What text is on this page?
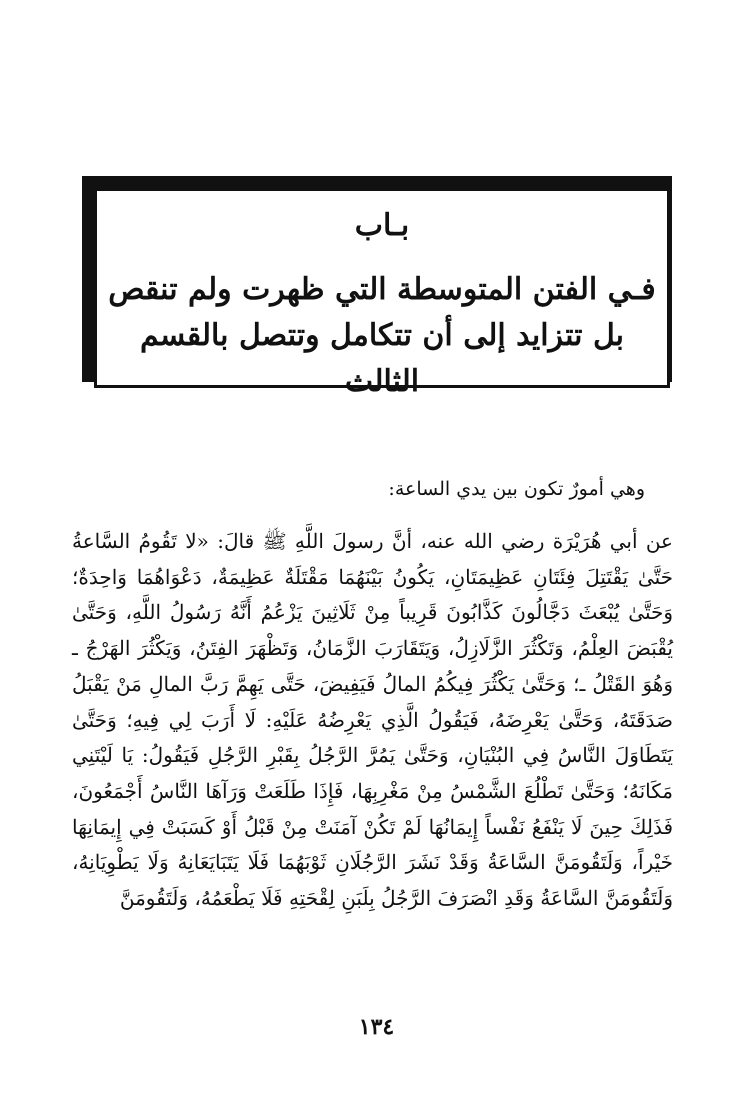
بـاب
فـي الفتن المتوسطة التي ظهرت ولم تنقص
بل تتزايد إلى أن تتكامل وتتصل بالقسم الثالث
وهي أمورٌ تكون بين يدي الساعة:

عن أبي هُرَيْرَة رضي الله عنه، أنَّ رسولَ اللَّهِ ﷺ قالَ: «لا تَقُومُ السَّاعةُ حَتَّىٰ يَقْتَتِلَ فِئَتَانِ عَظِيمَتَانِ، يَكُونُ بَيْنَهُمَا مَقْتَلَةٌ عَظِيمَةٌ، دَعْوَاهُمَا وَاحِدَةٌ؛ وَحَتَّىٰ يُبْعَثَ دَجَّالُونَ كَذَّابُونَ قَرِيباً مِنْ ثَلَاثِينَ يَزْعُمُ أَنَّهُ رَسُولُ اللَّهِ، وَحَتَّىٰ يُقْبَضَ العِلْمُ، وَتَكْثُرَ الزَّلَازِلُ، وَيَتَقَارَبَ الزَّمَانُ، وَتَظْهَرَ الفِتَنُ، وَيَكْثُرَ الهَرْجُ ـ وَهُوَ القَتْلُ ـ؛ وَحَتَّىٰ يَكْثُرَ فِيكُمُ المالُ فَيَفِيضَ، حَتَّى يَهِمَّ رَبَّ المالِ مَنْ يَقْبَلُ صَدَقَتَهُ، وَحَتَّىٰ يَعْرِضَهُ، فَيَقُولُ الَّذِي يَعْرِضُهُ عَلَيْهِ: لَا أَرَبَ لِي فِيهِ؛ وَحَتَّىٰ يَتَطَاوَلَ النَّاسُ فِي البُنْيَانِ، وَحَتَّىٰ يَمُرَّ الرَّجُلُ بِقَبْرِ الرَّجُلِ فَيَقُولُ: يَا لَيْتَنِي مَكَانَهُ؛ وَحَتَّىٰ تَطْلُعَ الشَّمْسُ مِنْ مَغْرِبِهَا، فَإِذَا طَلَعَتْ وَرَآهَا النَّاسُ أَجْمَعُونَ، فَذَلِكَ حِينَ لَا يَنْفَعُ نَفْساً إِيمَانُهَا لَمْ تَكُنْ آمَنَتْ مِنْ قَبْلُ أَوْ كَسَبَتْ فِي إِيمَانِهَا خَيْراً، وَلَتَقُومَنَّ السَّاعَةُ وَقَدْ نَشَرَ الرَّجُلَانِ ثَوْبَهُمَا فَلَا يَتَبَايَعَانِهُ وَلَا يَطْوِيَانِهُ، وَلَتَقُومَنَّ السَّاعَةُ وَقَدِ انْصَرَفَ الرَّجُلُ بِلَبَنِ لِقْحَتِهِ فَلَا يَطْعَمُهُ، وَلَتَقُومَنَّ

١٣٤
